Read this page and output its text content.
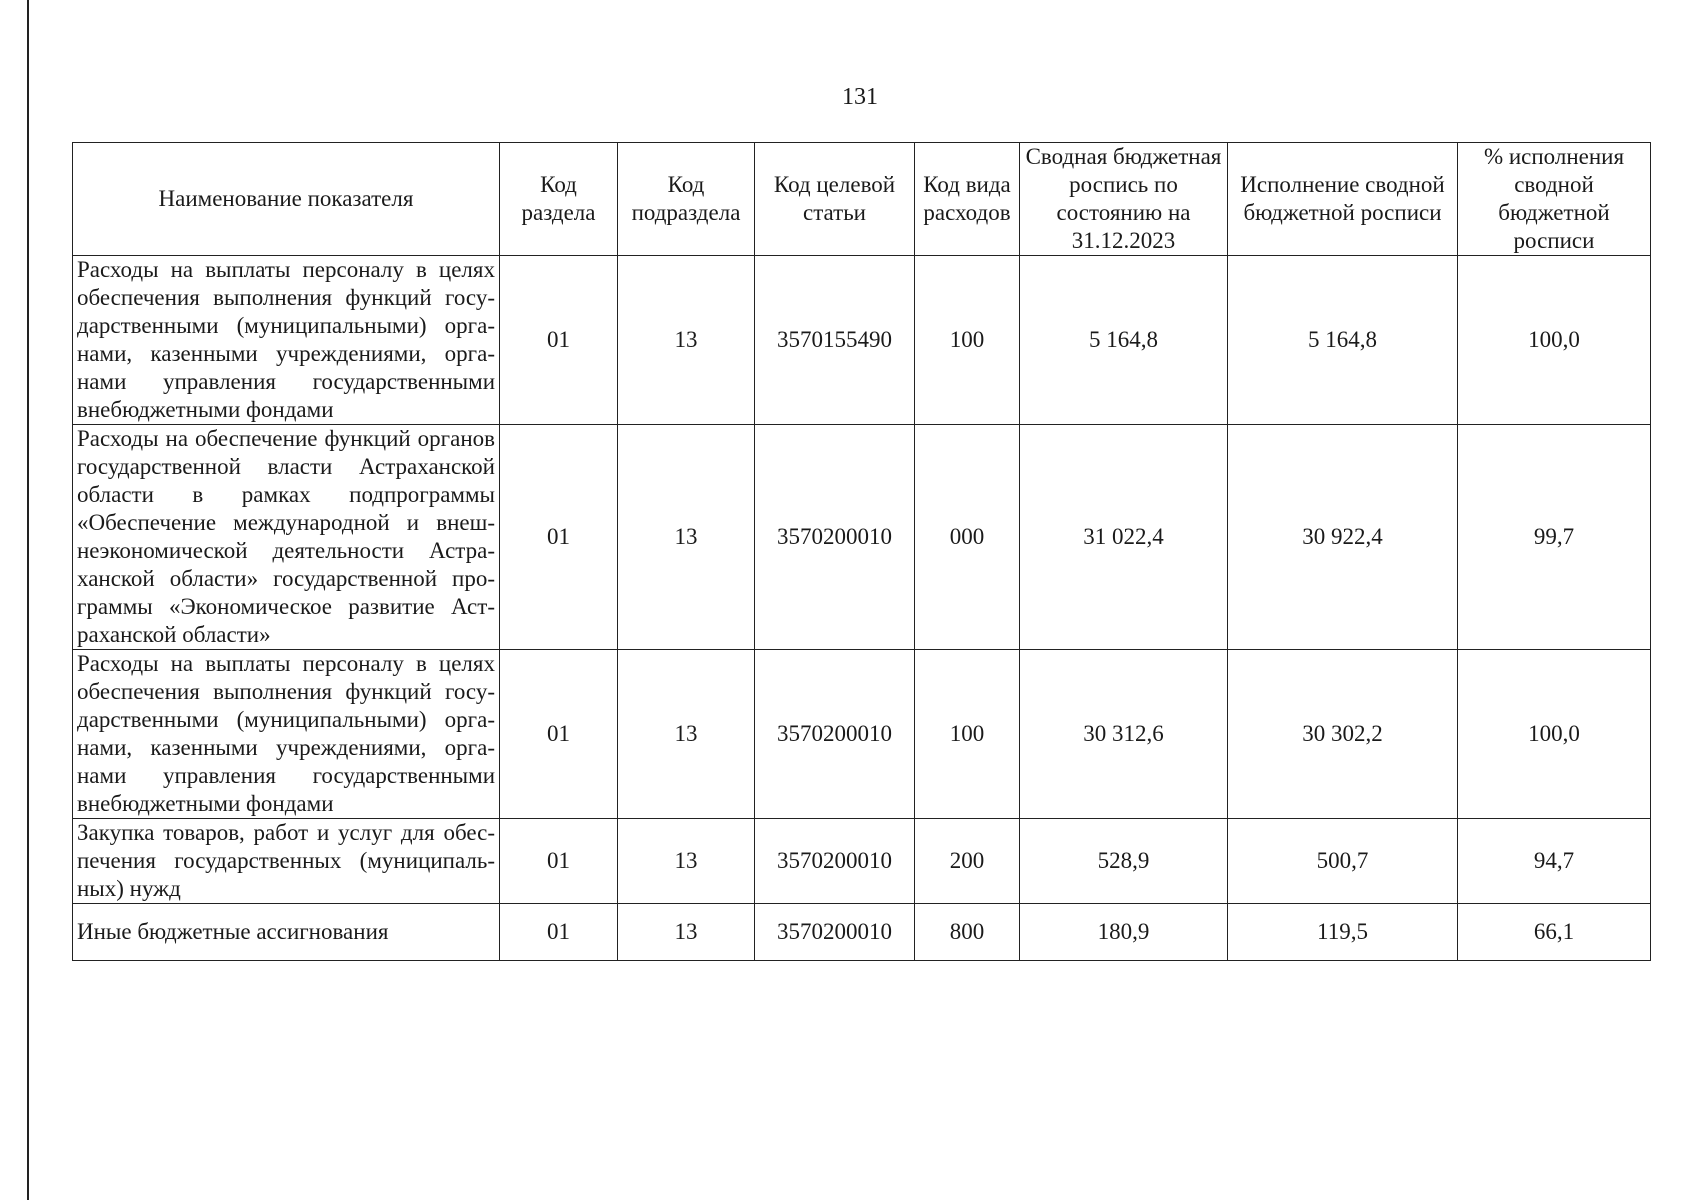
131
Наименование показателя	Код раздела	Код подраздела	Код целевой статьи	Код вида расходов	Сводная бюджетная роспись по состоянию на 31.12.2023	Исполнение сводной бюджетной росписи	% исполнения сводной бюджетной росписи
Расходы на выплаты персоналу в целях обеспечения выполнения функций государственными (муниципальными) органами, казенными учреждениями, органами управления государственными внебюджетными фондами	01	13	3570155490	100	5 164,8	5 164,8	100,0
Расходы на обеспечение функций органов государственной власти Астраханской области в рамках подпрограммы «Обеспечение международной и внешнеэкономической деятельности Астраханской области» государственной программы «Экономическое развитие Астраханской области»	01	13	3570200010	000	31 022,4	30 922,4	99,7
Расходы на выплаты персоналу в целях обеспечения выполнения функций государственными (муниципальными) органами, казенными учреждениями, органами управления государственными внебюджетными фондами	01	13	3570200010	100	30 312,6	30 302,2	100,0
Закупка товаров, работ и услуг для обеспечения государственных (муниципальных) нужд	01	13	3570200010	200	528,9	500,7	94,7
Иные бюджетные ассигнования	01	13	3570200010	800	180,9	119,5	66,1
